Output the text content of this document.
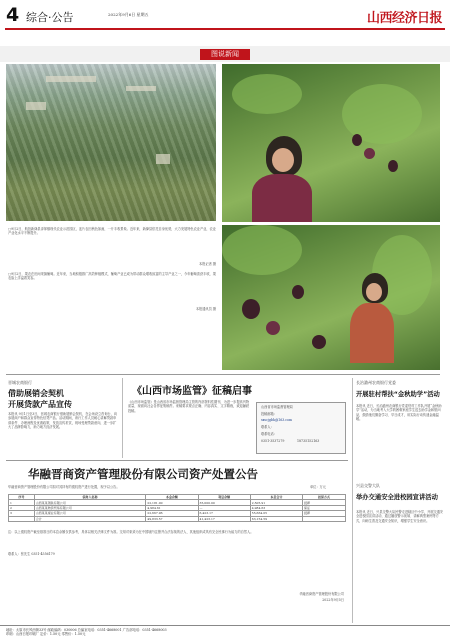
4 综合·公告	2022年9月6日 星期五	山西经济日报
图说新闻
□9月2日，航拍新绛县泽掌镇现代农业示范园区，连片农田秋色如画，一片丰收景象。近年来，新绛县依托自身优势，大力发展特色农业产业，农业产业化水平不断提升。
本报记者 摄
□9月2日，果农在田间采摘葡萄。近年来，当地积极推广高效种植模式，葡萄产业已成为带动群众增收致富的主导产业之一，今年葡萄喜获丰收，果农脸上洋溢着笑容。
本报通讯员 摄
晋城农商银行
借助展销会契机
开展贷款产品宣传
本报讯 9月1日至3日，晋城农商银行借助展销会契机，在会场设立咨询台，向参展商户和群众宣传特色信贷产品。活动期间，该行工作人员耐心讲解贷款申请条件、办理流程及优惠政策，发放宣传折页，现场受理贷款意向，进一步扩大了品牌影响力，助力地方经济发展。
《山西市场监管》征稿启事
《山西市场监管》是山西省市场监督管理局主管的内部资料性期刊，为进一步提高刊物质量，现面向社会各界征集稿件。来稿要求观点正确、内容真实、文字精练，欢迎踊跃投稿。
山西省市场监督管理局
投稿邮箱：
sxscjgbh@163.com
联系人：
联系电话：
0351-3537279	18735152163
长治潞州农商银行党委
开展驻村帮扶“金秋助学”活动
本报讯 近日，长治潞州农商银行党委驻村工作队开展“金秋助学”活动，为当地考入大学的困难家庭学生送去助学金和慰问品，鼓励他们勤奋学习、早日成才，用实际行动传递金融温暖。
兴县交警大队
举办交通安全进校园宣讲活动
本报讯 近日，兴县交警大队民警走进辖区中小学，开展交通安全进校园宣讲活动，通过播放警示视频、讲解典型案例等方式，向师生普及交通安全知识，增强学生安全意识。
华融晋商资产管理股份有限公司资产处置公告
华融晋商资产管理股份有限公司拟对其持有的债权资产进行处置，现予以公告。	单位：万元
序号	债务人名称	本金余额	利息余额	本息合计	担保方式
1	山西某某钢铁有限公司	22,181.00	35,000.00	2,505.91	抵押
2	山西某某物资贸易有限公司	4,984.61	—	4,984.63	保证
3	山西某某煤业有限公司	22,667.96	6,423.17	55,664.05	抵押
	合计	49,833.57	41,423.17	63,154.59	
注：以上债权资产截至基准日的本息余额仅供参考，具体以相关法律文件为准。交易对象须为在中国境内注册并合法存续的法人、其他组织或具有完全民事行为能力的自然人。
联系人：张先生 0351-4556179
华融晋商资产管理股份有限公司
2022年9月5日
地址：太原市长风西街33号 邮政编码：030006 总编室电话：0351-4668001 广告部电话：0351-4668003
印刷：山西日报印刷厂 定价：1.50元 零售价：1.50元
